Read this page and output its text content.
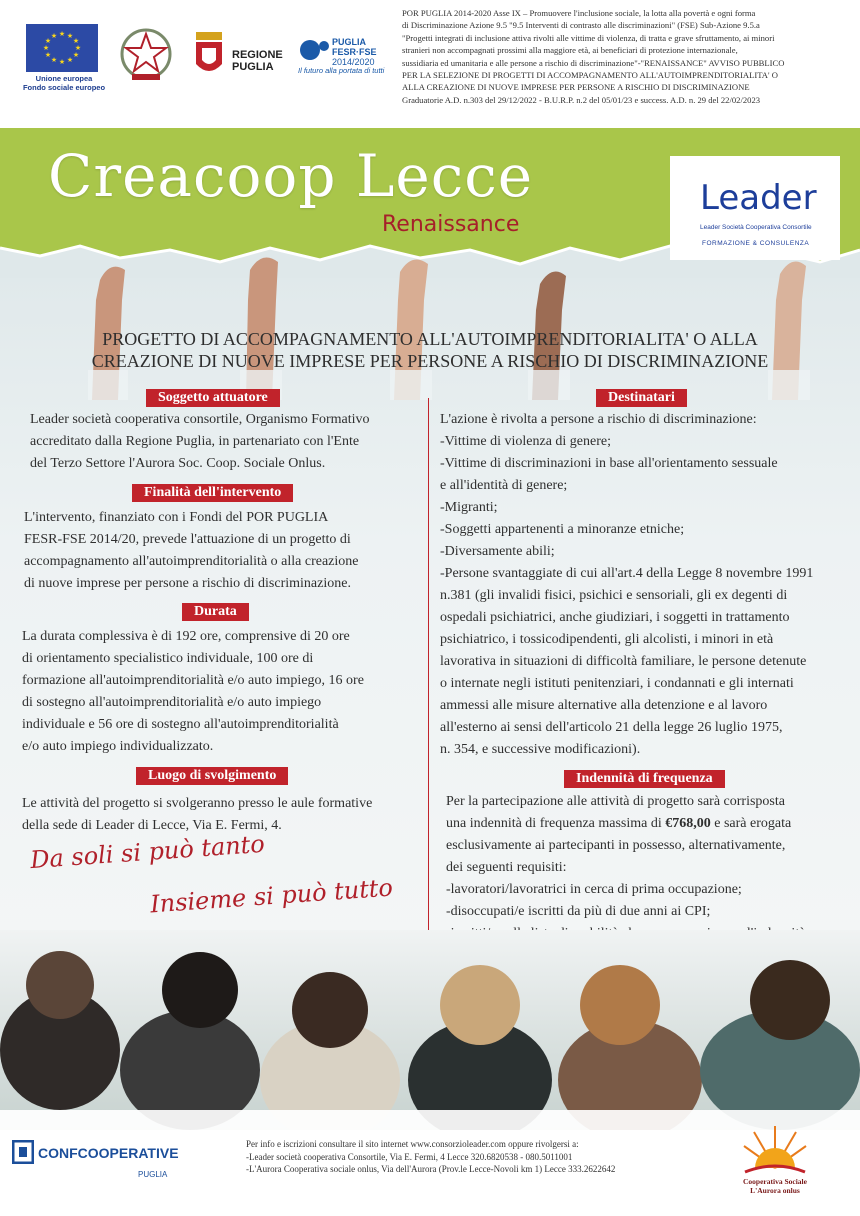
★ ★
★
★
★
★
★
★
★
★
★
★
Unione europea
Fondo sociale europeo
REGIONE
PUGLIA
PUGLIA
FESR·FSE
2014/2020
Il futuro alla portata di tutti
POR PUGLIA 2014-2020 Asse IX – Promuovere l'inclusione sociale, la lotta alla povertà e ogni forma
di Discriminazione Azione 9.5 "9.5 Interventi di contrasto alle discriminazioni" (FSE) Sub-Azione 9.5.a
"Progetti integrati di inclusione attiva rivolti alle vittime di violenza, di tratta e grave sfruttamento, ai minori
stranieri non accompagnati prossimi alla maggiore età, ai beneficiari di protezione internazionale,
sussidiaria ed umanitaria e alle persone a rischio di discriminazione"-"RENAISSANCE" AVVISO PUBBLICO
PER LA SELEZIONE DI PROGETTI DI ACCOMPAGNAMENTO ALL'AUTOIMPRENDITORIALITA' O
ALLA CREAZIONE DI NUOVE IMPRESE PER PERSONE A RISCHIO DI DISCRIMINAZIONE
Graduatorie A.D. n.303 del 29/12/2022 - B.U.R.P. n.2 del 05/01/23 e success. A.D. n. 29 del 22/02/2023
Creacoop Lecce
Renaissance
Leader
Leader Società Cooperativa Consortile
FORMAZIONE & CONSULENZA
PROGETTO DI ACCOMPAGNAMENTO ALL'AUTOIMPRENDITORIALITA' O ALLA
CREAZIONE DI NUOVE IMPRESE PER PERSONE A RISCHIO DI DISCRIMINAZIONE
Soggetto attuatore
Leader società cooperativa consortile, Organismo Formativo
accreditato dalla Regione Puglia, in partenariato con l'Ente
del Terzo Settore l'Aurora Soc. Coop. Sociale Onlus.
Finalità dell'intervento
L'intervento, finanziato con i Fondi del POR PUGLIA
FESR-FSE 2014/20, prevede l'attuazione di un progetto di
accompagnamento all'autoimprenditorialità o alla creazione
di nuove imprese per persone a rischio di discriminazione.
Durata
La durata complessiva è di 192 ore, comprensive di 20 ore
di orientamento specialistico individuale, 100 ore di
formazione all'autoimprenditorialità e/o auto impiego, 16 ore
di sostegno all'autoimprenditorialità e/o auto impiego
individuale e 56 ore di sostegno all'autoimprenditorialità
e/o auto impiego individualizzato.
Luogo di svolgimento
Le attività del progetto si svolgeranno presso le aule formative
della sede di Leader di Lecce, Via E. Fermi, 4.
Da soli si può tanto
Insieme si può tutto
Destinatari
L'azione è rivolta a persone a rischio di discriminazione:
-Vittime di violenza di genere;
-Vittime di discriminazioni in base all'orientamento sessuale
e all'identità di genere;
-Migranti;
-Soggetti appartenenti a minoranze etniche;
-Diversamente abili;
-Persone svantaggiate di cui all'art.4 della Legge 8 novembre 1991
n.381 (gli invalidi fisici, psichici e sensoriali, gli ex degenti di
ospedali psichiatrici, anche giudiziari, i soggetti in trattamento
psichiatrico, i tossicodipendenti, gli alcolisti, i minori in età
lavorativa in situazioni di difficoltà familiare, le persone detenute
o internate negli istituti penitenziari, i condannati e gli internati
ammessi alle misure alternative alla detenzione e al lavoro
all'esterno ai sensi dell'articolo 21 della legge 26 luglio 1975,
n. 354, e successive modificazioni).
Indennità di frequenza
Per la partecipazione alle attività di progetto sarà corrisposta
una indennità di frequenza massima di €768,00 e sarà erogata
esclusivamente ai partecipanti in possesso, alternativamente,
dei seguenti requisiti:
-lavoratori/lavoratrici in cerca di prima occupazione;
-disoccupati/e iscritti da più di due anni ai CPI;
CONFCOOPERATIVE
PUGLIA
Per info e iscrizioni consultare il sito internet www.consorzioleader.com oppure rivolgersi a:
-Leader società cooperativa Consortile, Via E. Fermi, 4 Lecce 320.6820538 - 080.5011001
-L'Aurora Cooperativa sociale onlus, Via dell'Aurora (Prov.le Lecce-Novoli km 1) Lecce 333.2622642
Cooperativa Sociale
L'Aurora onlus
